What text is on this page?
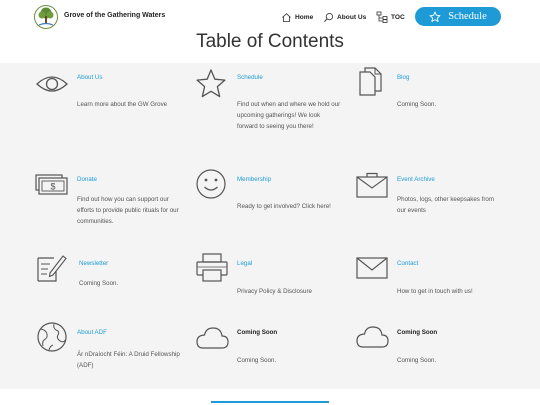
Grove of the Gathering Waters	Home	About Us	TOC	Schedule
Table of Contents
About Us
Learn more about the GW Grove
Schedule
Find out when and where we hold our upcoming gatherings! We look forward to seeing you there!
Blog
Coming Soon.
$
Donate
Find out how you can support our efforts to provide public rituals for our communities.
Membership
Ready to get involved? Click here!
Event Archive
Photos, logs, other keepsakes from our events
Newsletter
Coming Soon.
Legal
Privacy Policy & Disclosure
Contact
How to get in touch with us!
About ADF
Ár nDraíocht Féin: A Druid Fellowship (ADF)
Coming Soon
Coming Soon.
Coming Soon
Coming Soon.
